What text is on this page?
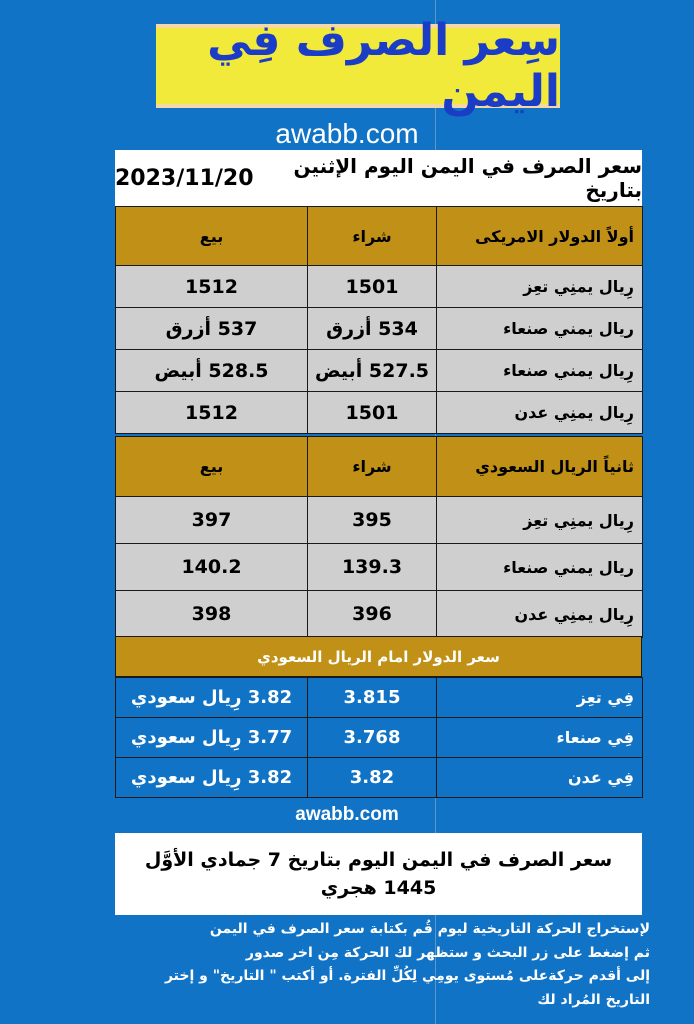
سِعر الصرف فِي اليمن
awabb.com
سعر الصرف في اليمن اليوم الإثنين بتاريخ
2023/11/20
أولاً الدولار الامريكى	شراء	بيع
رِيال يمنِي تعِز	1501	1512
ريال يمني صنعاء	534 أزرق	537 أزرق
رِيال يمني صنعاء	527.5 أبيض	528.5 أبيض
رِيال يمنِي عدن	1501	1512
ثانياً الريال السعودي	شراء	بيع
رِيال يمنِي تعِز	395	397
ريال يمني صنعاء	139.3	140.2
رِيال يمنِي عدن	396	398
سعر الدولار امام الريال السعودي
فِي تعِز	3.815	3.82 رِيال سعودي
فِي صنعاء	3.768	3.77 رِيال سعودي
فِي عدن	3.82	3.82 رِيال سعودي
awabb.com
سعر الصرف في اليمن اليوم بتاريخ 7 جمادي الأوَّل 1445 هجري
لإستخراج الحركة التاريخية ليوم قُم بكتابة سعر الصرف في اليمن
ثم إضغط على زر البحث و ستظهر لك الحركة مِن اخر صدور
إلى أقدم حركةعلى مُستوى يومِي لِكُلِّ الفترة. أو أكتب " التاريخ" و إختر
التاريخ المُراد لك
